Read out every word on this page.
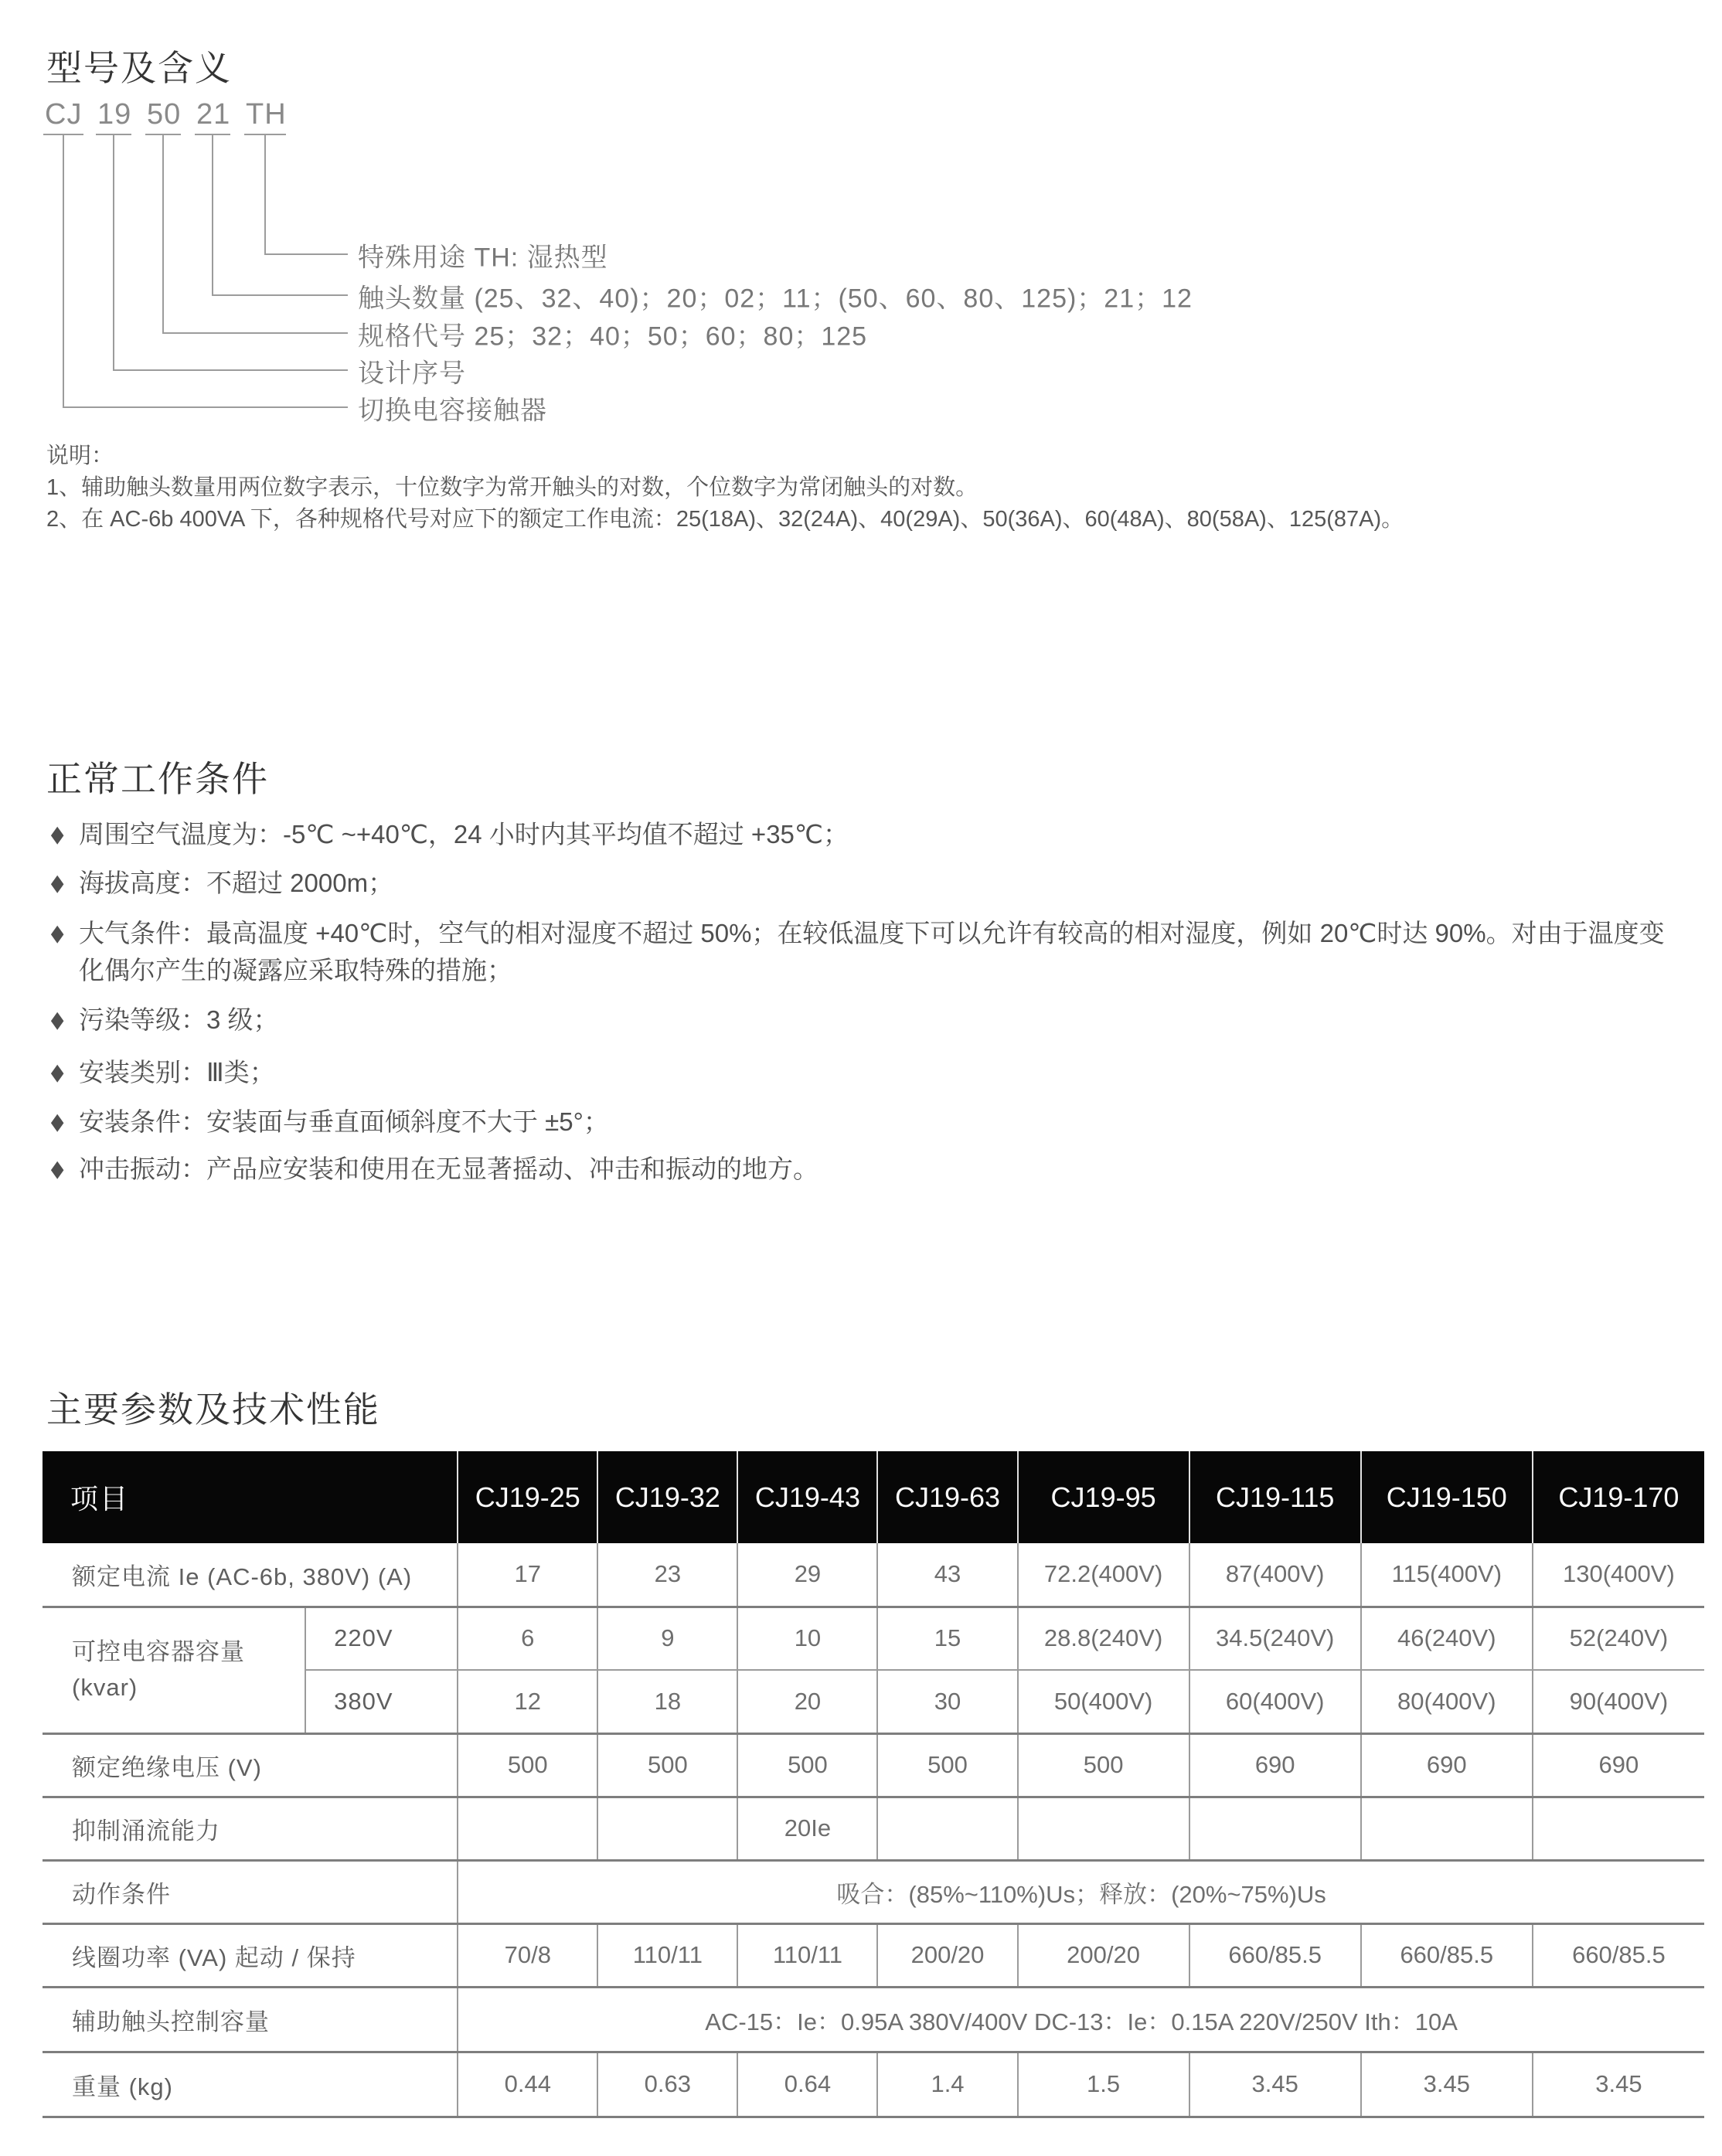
型号及含义
CJ 19 50 21 TH
特殊用途 TH: 湿热型
触头数量 (25、32、40)；20；02；11；(50、60、80、125)；21；12
规格代号 25；32；40；50；60；80；125
设计序号
切换电容接触器
说明：
1、辅助触头数量用两位数字表示，十位数字为常开触头的对数，个位数字为常闭触头的对数。
2、在 AC-6b 400VA 下，各种规格代号对应下的额定工作电流：25(18A)、32(24A)、40(29A)、50(36A)、60(48A)、80(58A)、125(87A)。
正常工作条件
◆ 周围空气温度为：-5℃ ~+40℃，24 小时内其平均值不超过 +35℃；
◆ 海拔高度：不超过 2000m；
◆ 大气条件：最高温度 +40℃时，空气的相对湿度不超过 50%；在较低温度下可以允许有较高的相对湿度，例如 20℃时达 90%。对由于温度变化偶尔产生的凝露应采取特殊的措施；
◆ 污染等级：3 级；
◆ 安装类别：Ⅲ类；
◆ 安装条件：安装面与垂直面倾斜度不大于 ±5°；
◆ 冲击振动：产品应安装和使用在无显著摇动、冲击和振动的地方。
主要参数及技术性能
项目		CJ19-25	CJ19-32	CJ19-43	CJ19-63	CJ19-95	CJ19-115	CJ19-150	CJ19-170
额定电流 Ie (AC-6b, 380V) (A)		17	23	29	43	72.2(400V)	87(400V)	115(400V)	130(400V)

可控电容器容量
(kvar)	220V	6	9	10	15	28.8(240V)	34.5(240V)	46(240V)	52(240V)
	380V	12	18	20	30	50(400V)	60(400V)	80(400V)	90(400V)
额定绝缘电压 (V)		500	500	500	500	500	690	690	690
抑制涌流能力				20Ie					
动作条件		吸合：(85%~110%)Us；释放：(20%~75%)Us							
线圈功率 (VA) 起动 / 保持		70/8	110/11	110/11	200/20	200/20	660/85.5	660/85.5	660/85.5
辅助触头控制容量		AC-15：Ie：0.95A 380V/400V DC-13：Ie：0.15A 220V/250V Ith：10A							
重量 (kg)		0.44	0.63	0.64	1.4	1.5	3.45	3.45	3.45
